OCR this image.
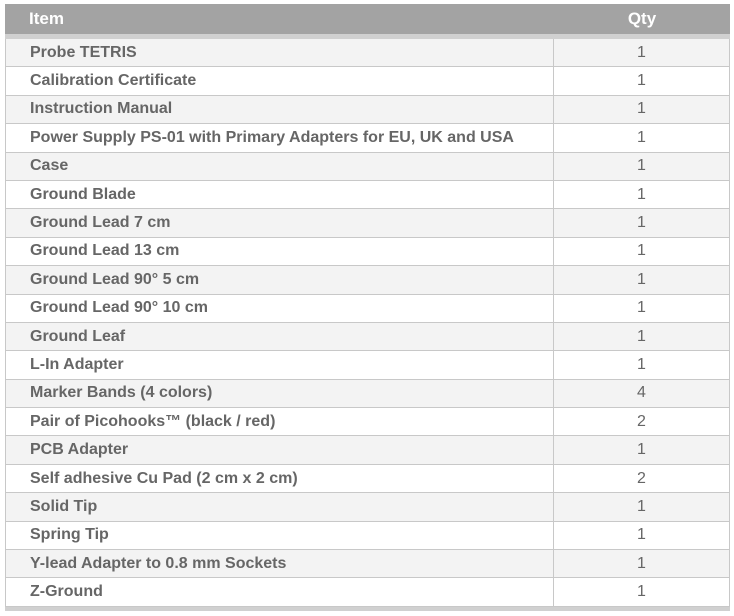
Item	Qty
Probe TETRIS	1
Calibration Certificate	1
Instruction Manual	1
Power Supply PS-01 with Primary Adapters for EU, UK and USA	1
Case	1
Ground Blade	1
Ground Lead 7 cm	1
Ground Lead 13 cm	1
Ground Lead 90° 5 cm	1
Ground Lead 90° 10 cm	1
Ground Leaf	1
L-In Adapter	1
Marker Bands (4 colors)	4
Pair of Picohooks™ (black / red)	2
PCB Adapter	1
Self adhesive Cu Pad (2 cm x 2 cm)	2
Solid Tip	1
Spring Tip	1
Y-lead Adapter to 0.8 mm Sockets	1
Z-Ground	1
